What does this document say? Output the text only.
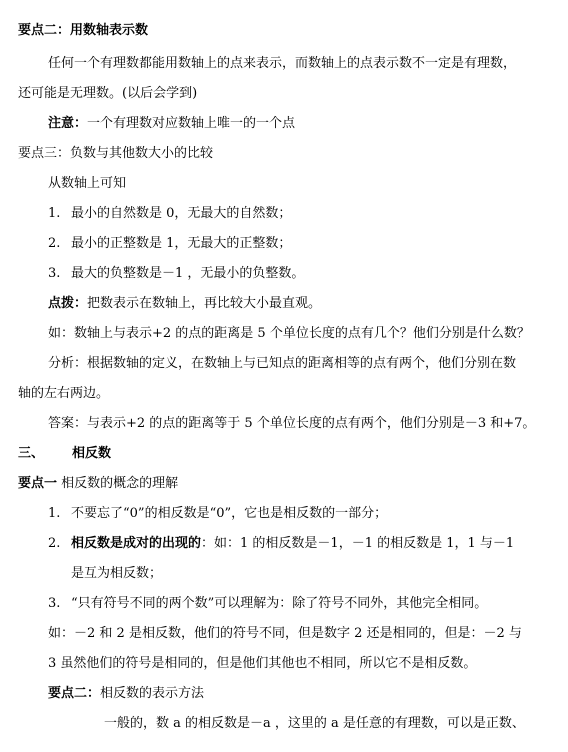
要点二：用数轴表示数
任何一个有理数都能用数轴上的点来表示，而数轴上的点表示数不一定是有理数，
还可能是无理数。(以后会学到)
注意：一个有理数对应数轴上唯一的一个点
要点三：负数与其他数大小的比较
从数轴上可知
1. 最小的自然数是 0，无最大的自然数；
2. 最小的正整数是 1，无最大的正整数；
3. 最大的负整数是－1 ，无最小的负整数。
点拨：把数表示在数轴上，再比较大小最直观。
如：数轴上与表示+2 的点的距离是 5 个单位长度的点有几个？他们分别是什么数？
分析：根据数轴的定义，在数轴上与已知点的距离相等的点有两个，他们分别在数
轴的左右两边。
答案：与表示+2 的点的距离等于 5 个单位长度的点有两个，他们分别是－3 和+7。
三、 相反数
要点一 相反数的概念的理解
1. 不要忘了“0”的相反数是“0”，它也是相反数的一部分；
2. 相反数是成对的出现的：如：1 的相反数是－1，－1 的相反数是 1，1 与－1
是互为相反数；
3. “只有符号不同的两个数”可以理解为：除了符号不同外，其他完全相同。
如：－2 和 2 是相反数，他们的符号不同，但是数字 2 还是相同的，但是：－2 与
3 虽然他们的符号是相同的，但是他们其他也不相同，所以它不是相反数。
要点二：相反数的表示方法
一般的，数 a 的相反数是－a ，这里的 a 是任意的有理数，可以是正数、
